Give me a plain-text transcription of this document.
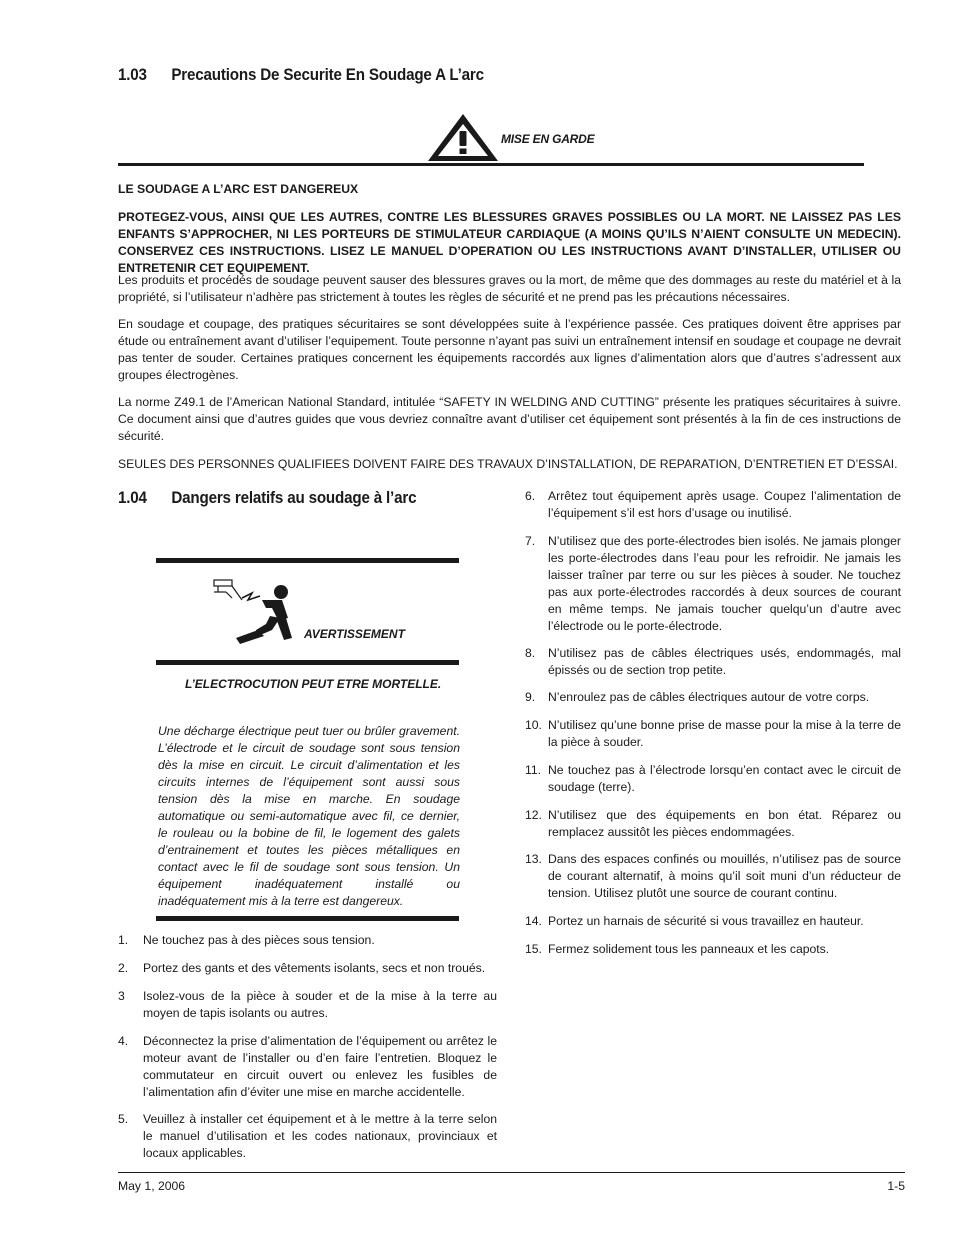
1.03 Precautions De Securite En Soudage A L’arc
MISE EN GARDE
LE SOUDAGE A L’ARC EST DANGEREUX
PROTEGEZ-VOUS, AINSI QUE LES AUTRES, CONTRE LES BLESSURES GRAVES POSSIBLES OU LA MORT. NE LAISSEZ PAS LES ENFANTS S’APPROCHER, NI LES PORTEURS DE STIMULATEUR CARDIAQUE (A MOINS QU’ILS N’AIENT CONSULTE UN MEDECIN). CONSERVEZ CES INSTRUCTIONS. LISEZ LE MANUEL D’OPERATION OU LES INSTRUCTIONS AVANT D’INSTALLER, UTILISER OU ENTRETENIR CET EQUIPEMENT.
Les produits et procédés de soudage peuvent sauser des blessures graves ou la mort, de même que des dommages au reste du matériel et à la propriété, si l’utilisateur n’adhère pas strictement à toutes les règles de sécurité et ne prend pas les précautions nécessaires.
En soudage et coupage, des pratiques sécuritaires se sont développées suite à l’expérience passée. Ces pratiques doivent être apprises par étude ou entraînement avant d’utiliser l’equipement. Toute personne n’ayant pas suivi un entraînement intensif en soudage et coupage ne devrait pas tenter de souder. Certaines pratiques concernent les équipements raccordés aux lignes d’alimentation alors que d’autres s’adressent aux groupes électrogènes.
La norme Z49.1 de l’American National Standard, intitulée “SAFETY IN WELDING AND CUTTING” présente les pratiques sécuritaires à suivre. Ce document ainsi que d’autres guides que vous devriez connaître avant d’utiliser cet équipement sont présentés à la fin de ces instructions de sécurité.
SEULES DES PERSONNES QUALIFIEES DOIVENT FAIRE DES TRAVAUX D’INSTALLATION, DE REPARATION, D’ENTRETIEN ET D’ESSAI.
1.04 Dangers relatifs au soudage à l’arc
AVERTISSEMENT
L’ELECTROCUTION PEUT ETRE MORTELLE.
Une décharge électrique peut tuer ou brûler gravement. L’électrode et le circuit de soudage sont sous tension dès la mise en circuit. Le circuit d’alimentation et les circuits internes de l’équipement sont aussi sous tension dès la mise en marche. En soudage automatique ou semi-automatique avec fil, ce dernier, le rouleau ou la bobine de fil, le logement des galets d’entrainement et toutes les pièces métalliques en contact avec le fil de soudage sont sous tension. Un équipement inadéquatement installé ou inadéquatement mis à la terre est dangereux.
1. Ne touchez pas à des pièces sous tension.
2. Portez des gants et des vêtements isolants, secs et non troués.
3 Isolez-vous de la pièce à souder et de la mise à la terre au moyen de tapis isolants ou autres.
4. Déconnectez la prise d’alimentation de l’équipement ou arrêtez le moteur avant de l’installer ou d’en faire l’entretien. Bloquez le commutateur en circuit ouvert ou enlevez les fusibles de l’alimentation afin d’éviter une mise en marche accidentelle.
5. Veuillez à installer cet équipement et à le mettre à la terre selon le manuel d’utilisation et les codes nationaux, provinciaux et locaux applicables.
6. Arrêtez tout équipement après usage. Coupez l’alimentation de l’équipement s’il est hors d’usage ou inutilisé.
7. N’utilisez que des porte-électrodes bien isolés. Ne jamais plonger les porte-électrodes dans l’eau pour les refroidir. Ne jamais les laisser traîner par terre ou sur les pièces à souder. Ne touchez pas aux porte-électrodes raccordés à deux sources de courant en même temps. Ne jamais toucher quelqu’un d’autre avec l’électrode ou le porte-électrode.
8. N’utilisez pas de câbles électriques usés, endommagés, mal épissés ou de section trop petite.
9. N’enroulez pas de câbles électriques autour de votre corps.
10. N’utilisez qu’une bonne prise de masse pour la mise à la terre de la pièce à souder.
11. Ne touchez pas à l’électrode lorsqu’en contact avec le circuit de soudage (terre).
12. N’utilisez que des équipements en bon état. Réparez ou remplacez aussitôt les pièces endommagées.
13. Dans des espaces confinés ou mouillés, n’utilisez pas de source de courant alternatif, à moins qu’il soit muni d’un réducteur de tension. Utilisez plutôt une source de courant continu.
14. Portez un harnais de sécurité si vous travaillez en hauteur.
15. Fermez solidement tous les panneaux et les capots.
May 1, 2006	1-5
